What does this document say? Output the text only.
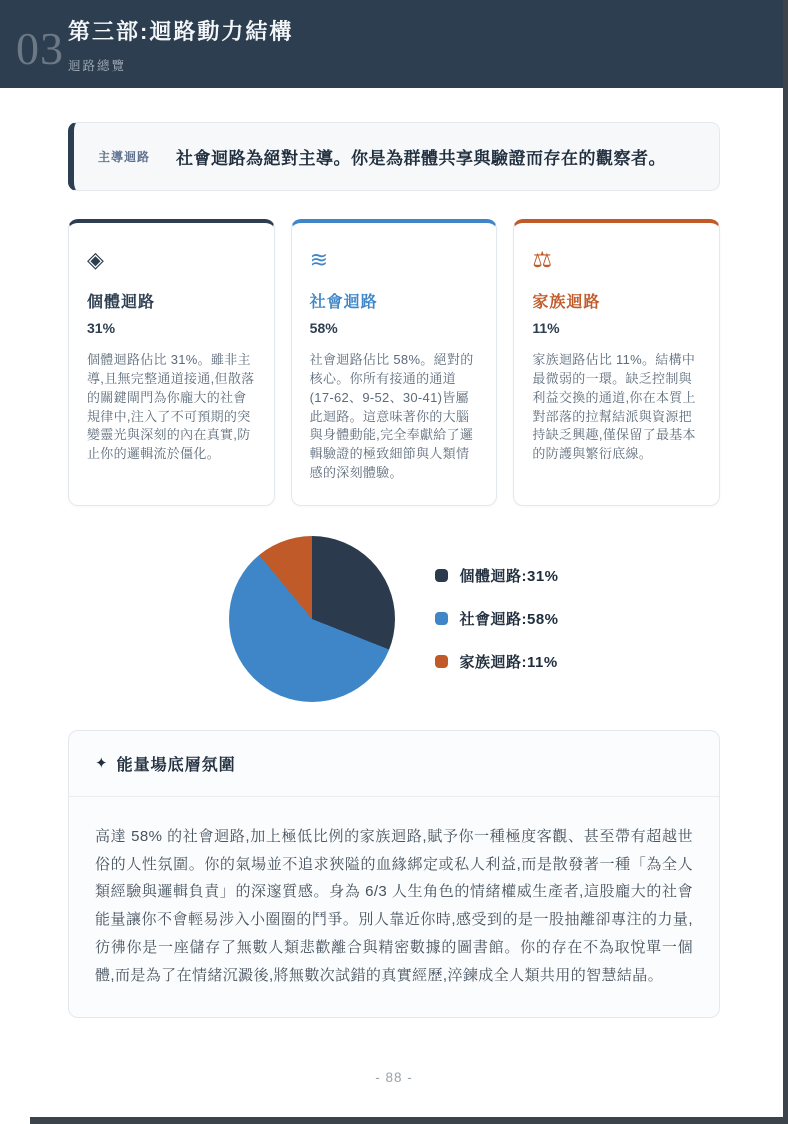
03 第三部:迴路動力結構
迴路總覽
主導迴路 社會迴路為絕對主導。你是為群體共享與驗證而存在的觀察者。
◈
個體迴路
31%
個體迴路佔比 31%。雖非主導,且無完整通道接通,但散落的關鍵閘門為你龐大的社會規律中,注入了不可預期的突變靈光與深刻的內在真實,防止你的邏輯流於僵化。
≋
社會迴路
58%
社會迴路佔比 58%。絕對的核心。你所有接通的通道(17-62、9-52、30-41)皆屬此迴路。這意味著你的大腦與身體動能,完全奉獻給了邏輯驗證的極致細節與人類情感的深刻體驗。
⚖
家族迴路
11%
家族迴路佔比 11%。結構中最微弱的一環。缺乏控制與利益交換的通道,你在本質上對部落的拉幫結派與資源把持缺乏興趣,僅保留了最基本的防護與繁衍底線。
個體迴路:31%
社會迴路:58%
家族迴路:11%
✦ 能量場底層氛圍
高達 58% 的社會迴路,加上極低比例的家族迴路,賦予你一種極度客觀、甚至帶有超越世俗的人性氛圍。你的氣場並不追求狹隘的血緣綁定或私人利益,而是散發著一種「為全人類經驗與邏輯負責」的深邃質感。身為 6/3 人生角色的情緒權威生產者,這股龐大的社會能量讓你不會輕易涉入小圈圈的鬥爭。別人靠近你時,感受到的是一股抽離卻專注的力量,彷彿你是一座儲存了無數人類悲歡離合與精密數據的圖書館。你的存在不為取悅單一個體,而是為了在情緒沉澱後,將無數次試錯的真實經歷,淬鍊成全人類共用的智慧結晶。
- 88 -
